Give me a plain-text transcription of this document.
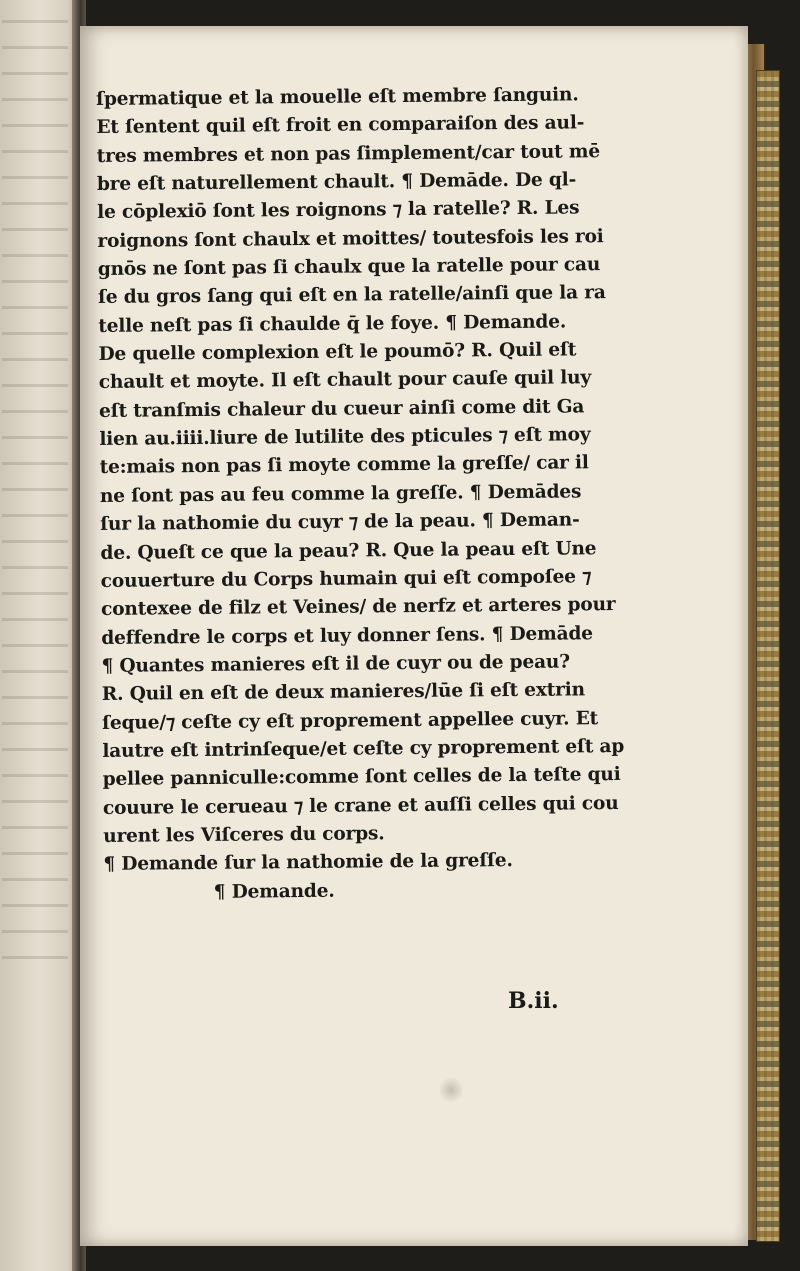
ſpermatique et la mouelle eſt membre ſanguin.
Et ſentent quil eſt froit en comparaiſon des aul-
tres membres et non pas ſimplement/car tout mē
bre eſt naturellement chault. ¶ Demāde. De ql-
le cōplexiō ſont les roignons ⁊ la ratelle? R. Les
roignons ſont chaulx et moittes/ toutesfois les roi
gnōs ne ſont pas ſi chaulx que la ratelle pour cau
ſe du gros ſang qui eſt en la ratelle/ainſi que la ra
telle neſt pas ſi chaulde q̄ le foye. ¶ Demande.
De quelle complexion eſt le poumō? R. Quil eſt
chault et moyte. Il eſt chault pour cauſe quil luy
eſt tranſmis chaleur du cueur ainſi come dit Ga
lien au.iiii.liure de lutilite des pticules ⁊ eſt moy
te:mais non pas ſi moyte comme la greſſe/ car il
ne ſont pas au feu comme la greſſe. ¶ Demādes
ſur la nathomie du cuyr ⁊ de la peau. ¶ Deman-
de. Queſt ce que la peau? R. Que la peau eſt Une
couuerture du Corps humain qui eſt compoſee ⁊
contexee de filz et Veines/ de nerfz et arteres pour
deffendre le corps et luy donner ſens. ¶ Demāde
¶ Quantes manieres eſt il de cuyr ou de peau?
R. Quil en eſt de deux manieres/lūe ſi eſt extrin
ſeque/⁊ ceſte cy eſt proprement appellee cuyr. Et
lautre eſt intrinſeque/et ceſte cy proprement eſt ap
pellee panniculle:comme ſont celles de la teſte qui
couure le cerueau ⁊ le crane et auſſi celles qui cou
urent les Viſceres du corps.
¶ Demande ſur la nathomie de la greſſe.
¶ Demande.
B.ii.
